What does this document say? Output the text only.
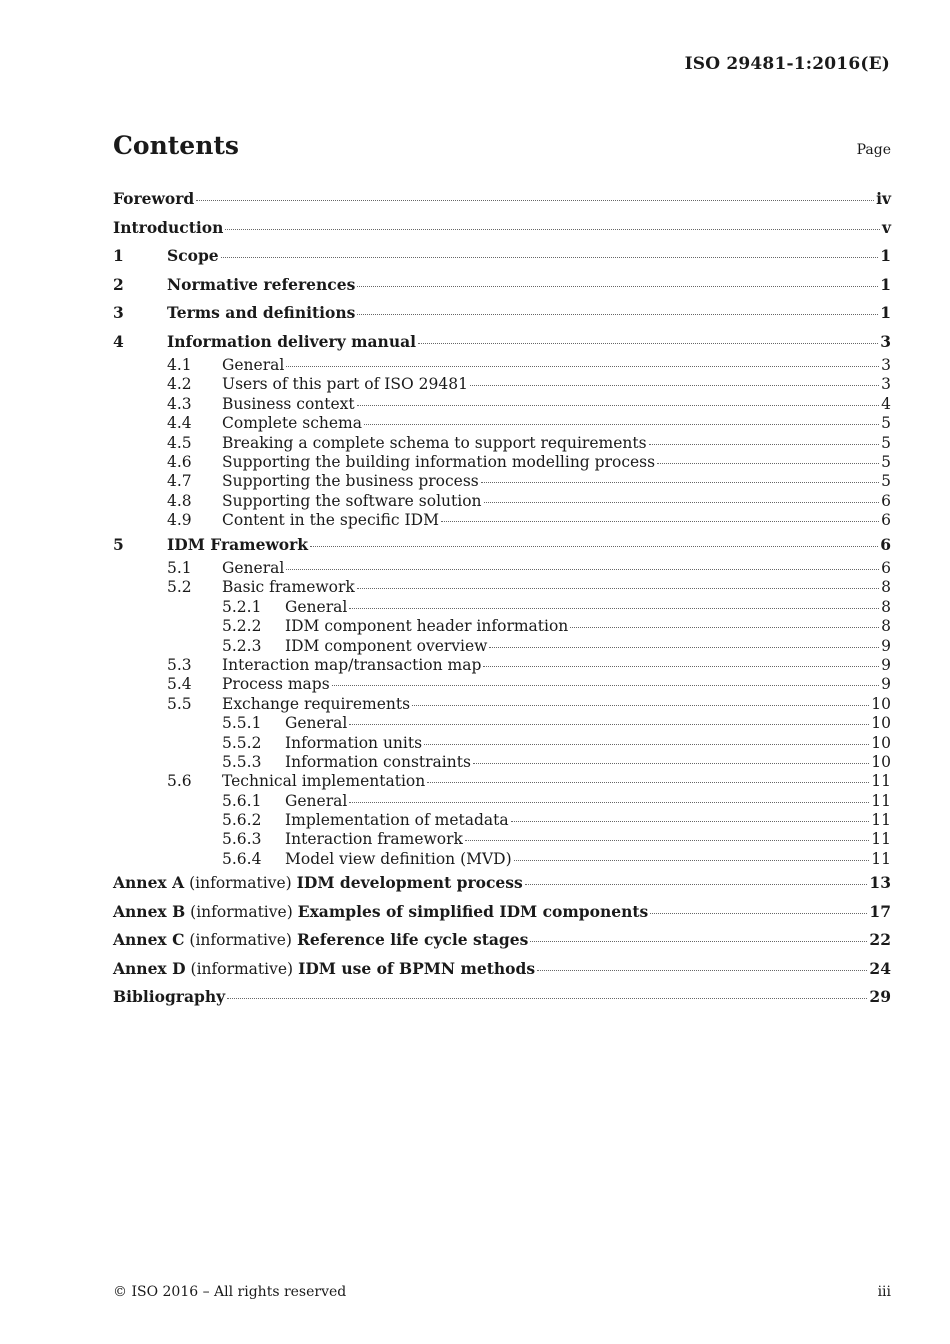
ISO 29481-1:2016(E)
Contents	Page
Foreword	iv
Introduction	v
1	Scope	1
2	Normative references	1
3	Terms and definitions	1
4	Information delivery manual	3
4.1	General	3
4.2	Users of this part of ISO 29481	3
4.3	Business context	4
4.4	Complete schema	5
4.5	Breaking a complete schema to support requirements	5
4.6	Supporting the building information modelling process	5
4.7	Supporting the business process	5
4.8	Supporting the software solution	6
4.9	Content in the specific IDM	6
5	IDM Framework	6
5.1	General	6
5.2	Basic framework	8
5.2.1	General	8
5.2.2	IDM component header information	8
5.2.3	IDM component overview	9
5.3	Interaction map/transaction map	9
5.4	Process maps	9
5.5	Exchange requirements	10
5.5.1	General	10
5.5.2	Information units	10
5.5.3	Information constraints	10
5.6	Technical implementation	11
5.6.1	General	11
5.6.2	Implementation of metadata	11
5.6.3	Interaction framework	11
5.6.4	Model view definition (MVD)	11
Annex A (informative) IDM development process	13
Annex B (informative) Examples of simplified IDM components	17
Annex C (informative) Reference life cycle stages	22
Annex D (informative) IDM use of BPMN methods	24
Bibliography	29
© ISO 2016 – All rights reserved	iii
